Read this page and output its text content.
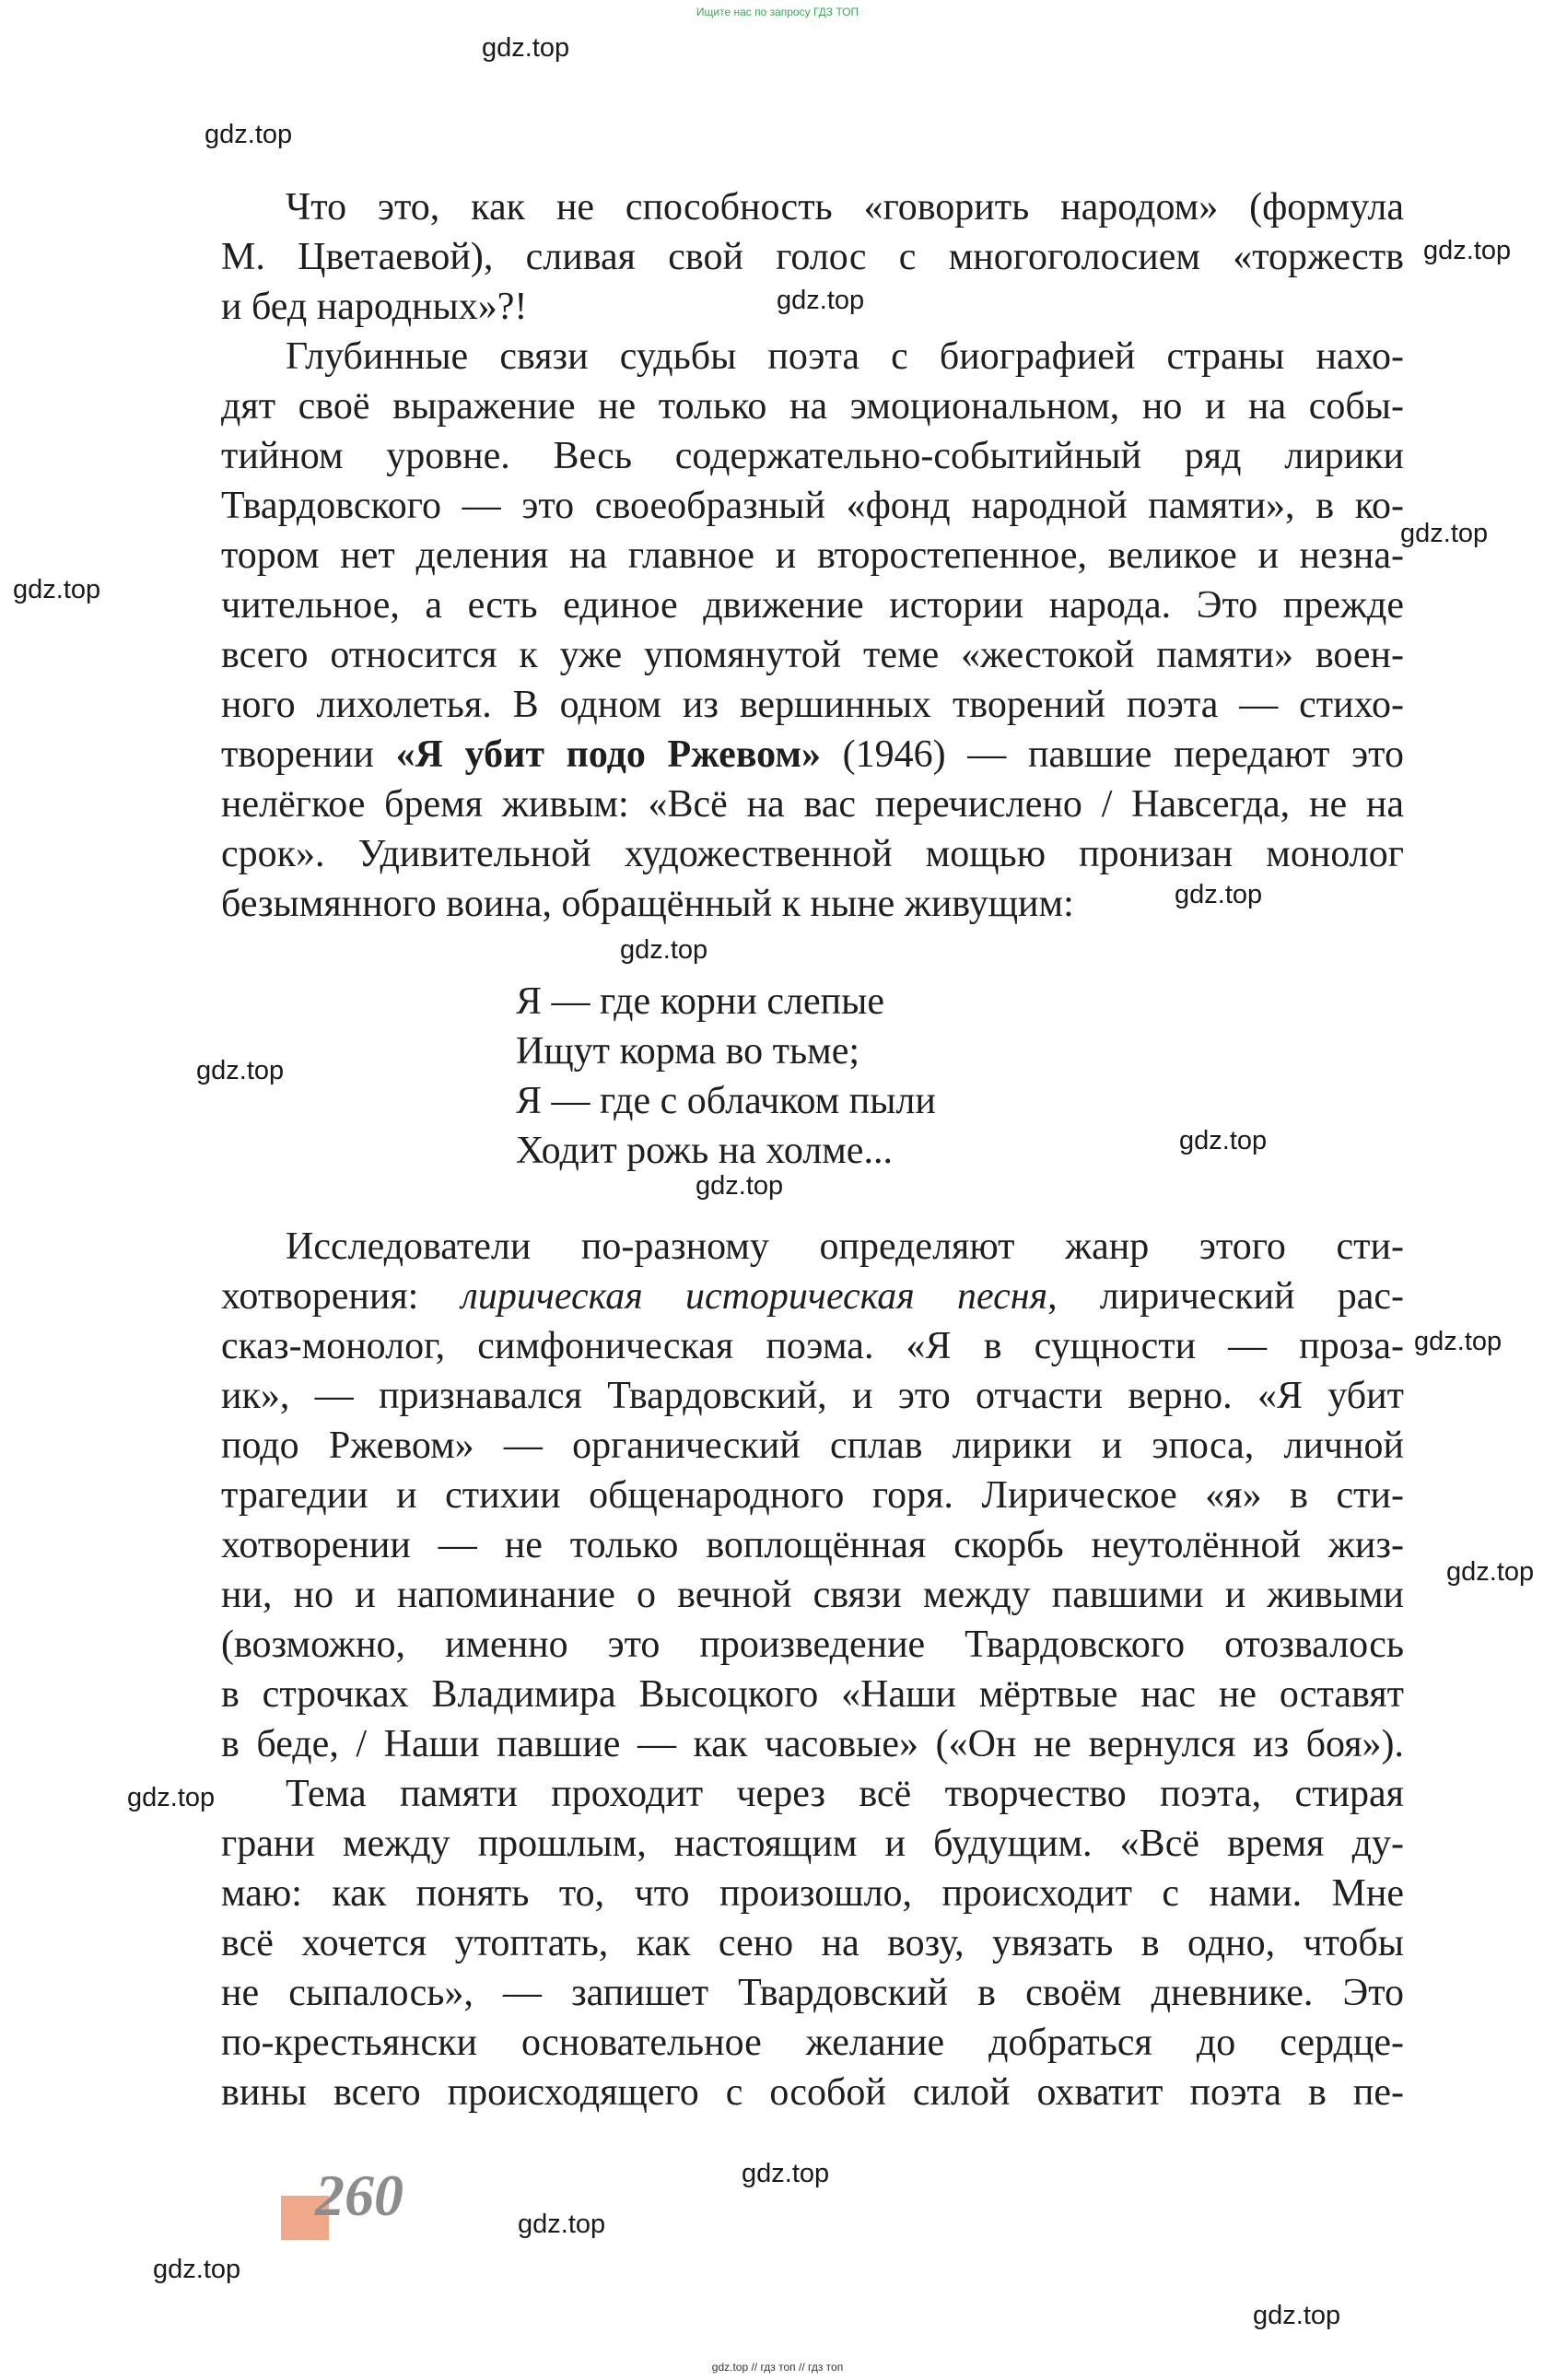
Ищите нас по запросу ГДЗ ТОП
gdz.top
gdz.top
gdz.top
gdz.top
gdz.top
gdz.top
gdz.top
gdz.top
gdz.top
gdz.top
gdz.top
gdz.top
gdz.top
gdz.top
gdz.top
gdz.top
gdz.top
gdz.top
Что это, как не способность «говорить народом» (формула
М. Цветаевой), сливая свой голос с многоголосием «торжеств
и бед народных»?!
Глубинные связи судьбы поэта с биографией страны нахо-
дят своё выражение не только на эмоциональном, но и на собы-
тийном уровне. Весь содержательно-событийный ряд лирики
Твардовского — это своеобразный «фонд народной памяти», в ко-
тором нет деления на главное и второстепенное, великое и незна-
чительное, а есть единое движение истории народа. Это прежде
всего относится к уже упомянутой теме «жестокой памяти» воен-
ного лихолетья. В одном из вершинных творений поэта — стихо-
творении «Я убит подо Ржевом» (1946) — павшие передают это
нелёгкое бремя живым: «Всё на вас перечислено / Навсегда, не на
срок». Удивительной художественной мощью пронизан монолог
безымянного воина, обращённый к ныне живущим:
Я — где корни слепые
Ищут корма во тьме;
Я — где с облачком пыли
Ходит рожь на холме...
Исследователи по-разному определяют жанр этого сти-
хотворения: лирическая историческая песня, лирический рас-
сказ-монолог, симфоническая поэма. «Я в сущности — проза-
ик», — признавался Твардовский, и это отчасти верно. «Я убит
подо Ржевом» — органический сплав лирики и эпоса, личной
трагедии и стихии общенародного горя. Лирическое «я» в сти-
хотворении — не только воплощённая скорбь неутолённой жиз-
ни, но и напоминание о вечной связи между павшими и живыми
(возможно, именно это произведение Твардовского отозвалось
в строчках Владимира Высоцкого «Наши мёртвые нас не оставят
в беде, / Наши павшие — как часовые» («Он не вернулся из боя»).
Тема памяти проходит через всё творчество поэта, стирая
грани между прошлым, настоящим и будущим. «Всё время ду-
маю: как понять то, что произошло, происходит с нами. Мне
всё хочется утоптать, как сено на возу, увязать в одно, чтобы
не сыпалось», — запишет Твардовский в своём дневнике. Это
по-крестьянски основательное желание добраться до сердце-
вины всего происходящего с особой силой охватит поэта в пе-
260
gdz.top // гдз топ // гдз топ
